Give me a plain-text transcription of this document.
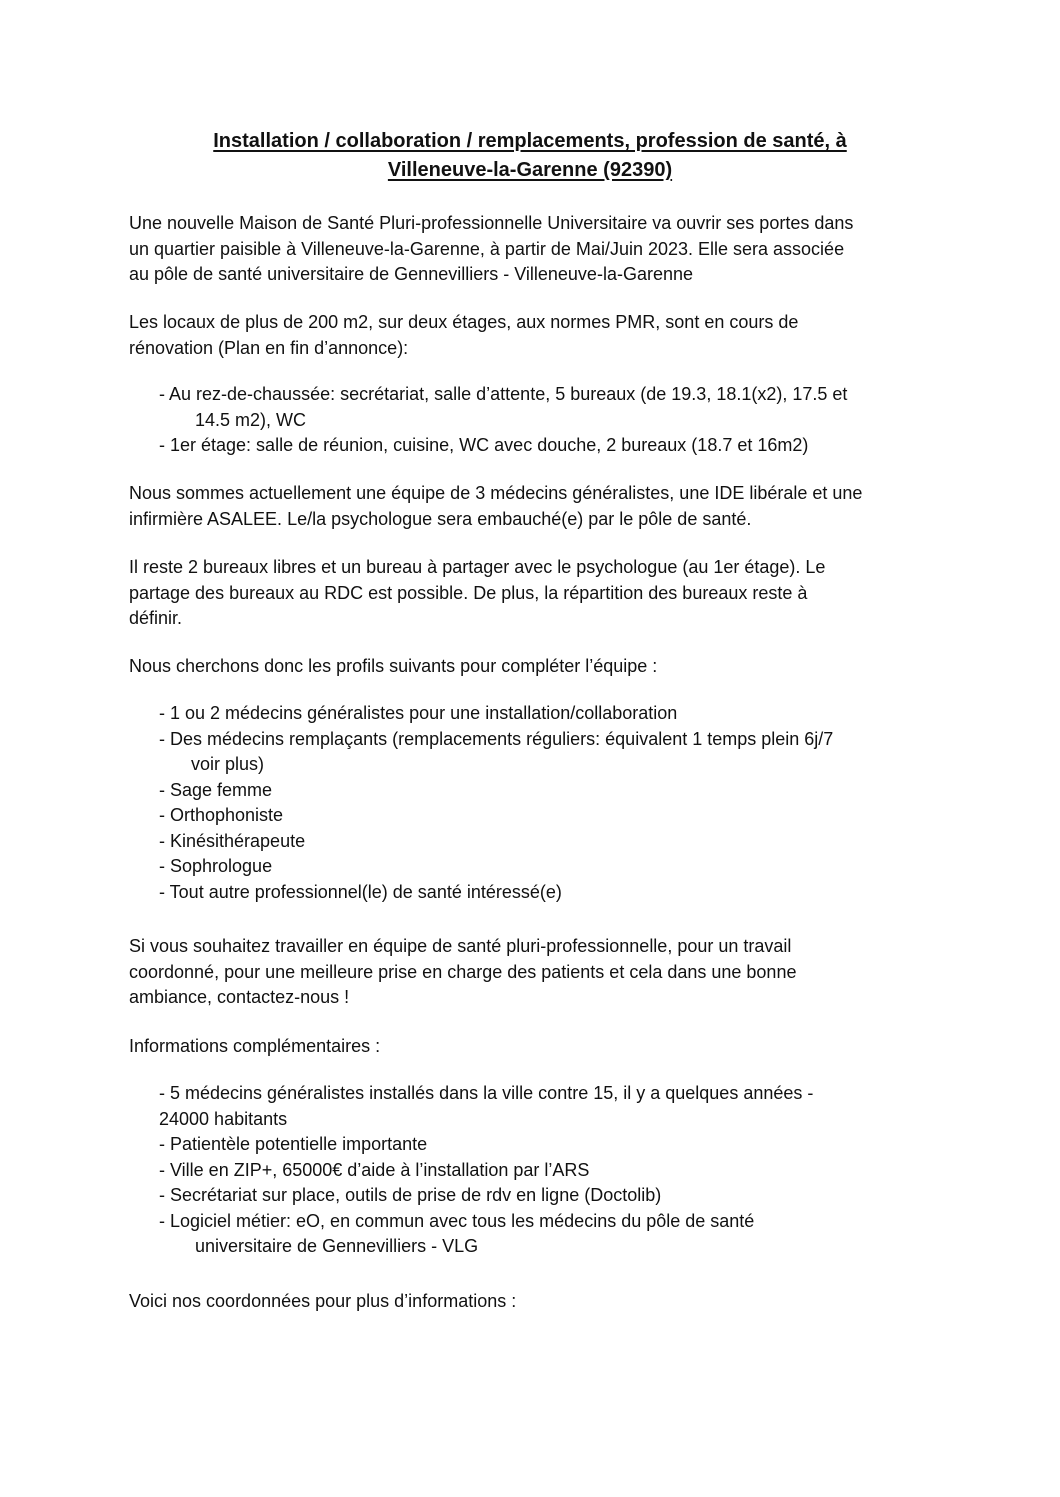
Installation / collaboration / remplacements, profession de santé, à
Villeneuve-la-Garenne (92390)

Une nouvelle Maison de Santé Pluri-professionnelle Universitaire va ouvrir ses portes dans
un quartier paisible à Villeneuve-la-Garenne, à partir de Mai/Juin 2023. Elle sera associée
au pôle de santé universitaire de Gennevilliers - Villeneuve-la-Garenne

Les locaux de plus de 200 m2, sur deux étages, aux normes PMR, sont en cours de
rénovation (Plan en fin d’annonce):

- Au rez-de-chaussée: secrétariat, salle d’attente, 5 bureaux (de 19.3, 18.1(x2), 17.5 et
14.5 m2), WC
- 1er étage: salle de réunion, cuisine, WC avec douche, 2 bureaux (18.7 et 16m2)

Nous sommes actuellement une équipe de 3 médecins généralistes, une IDE libérale et une
infirmière ASALEE. Le/la psychologue sera embauché(e) par le pôle de santé.

Il reste 2 bureaux libres et un bureau à partager avec le psychologue (au 1er étage). Le
partage des bureaux au RDC est possible. De plus, la répartition des bureaux reste à
définir.

Nous cherchons donc les profils suivants pour compléter l’équipe :

- 1 ou 2 médecins généralistes pour une installation/collaboration
- Des médecins remplaçants (remplacements réguliers: équivalent 1 temps plein 6j/7
voir plus)
- Sage femme
- Orthophoniste
- Kinésithérapeute
- Sophrologue
- Tout autre professionnel(le) de santé intéressé(e)

Si vous souhaitez travailler en équipe de santé pluri-professionnelle, pour un travail
coordonné, pour une meilleure prise en charge des patients et cela dans une bonne
ambiance, contactez-nous !

Informations complémentaires :

- 5 médecins généralistes installés dans la ville contre 15, il y a quelques années -
24000 habitants
- Patientèle potentielle importante
- Ville en ZIP+, 65000€ d’aide à l’installation par l’ARS
- Secrétariat sur place, outils de prise de rdv en ligne (Doctolib)
- Logiciel métier: eO, en commun avec tous les médecins du pôle de santé
universitaire de Gennevilliers - VLG

Voici nos coordonnées pour plus d’informations :
